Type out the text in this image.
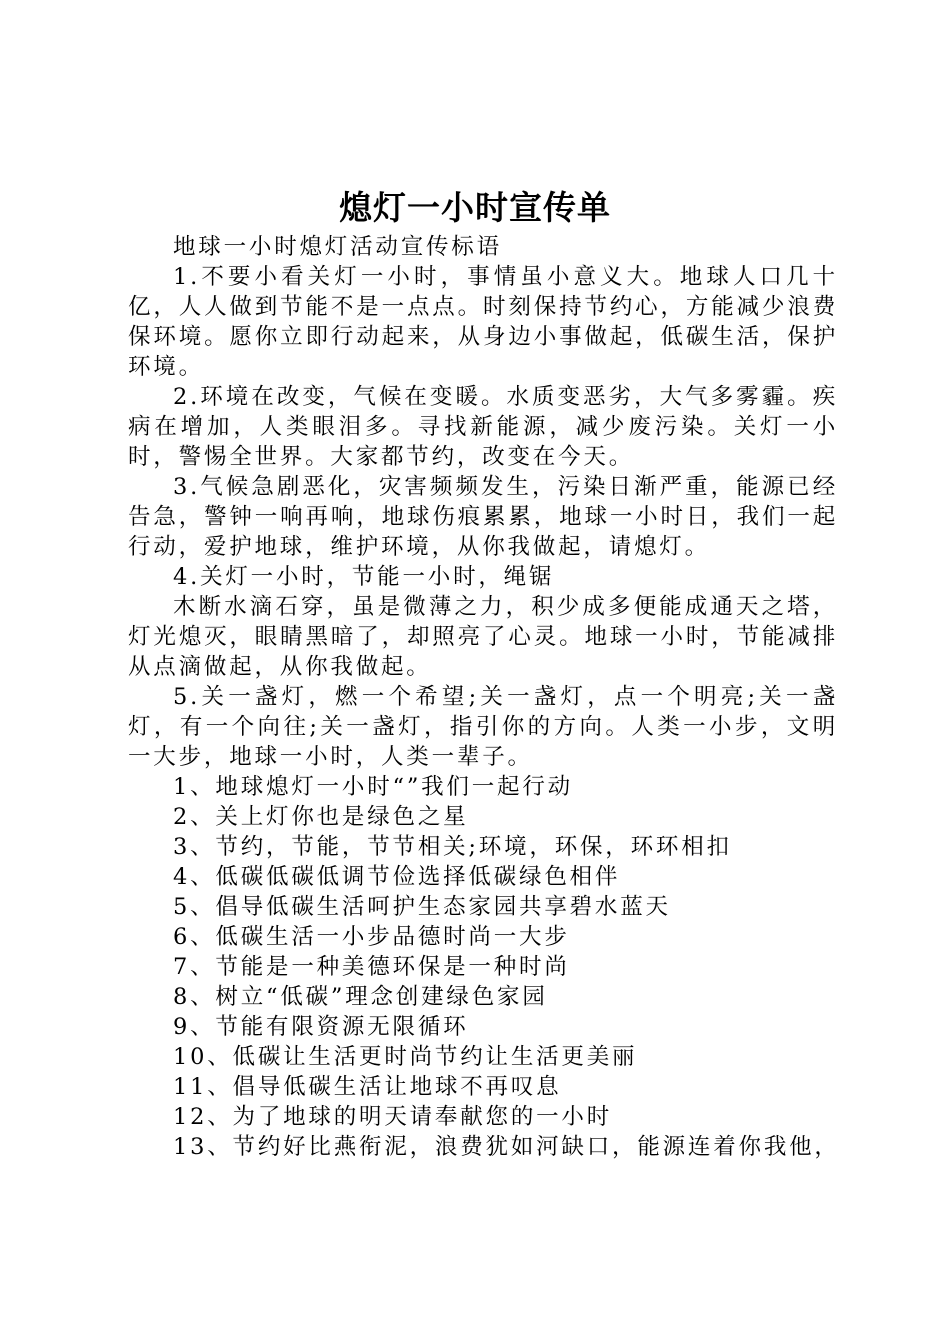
熄灯一小时宣传单

地球一小时熄灯活动宣传标语

1.不要小看关灯一小时，事情虽小意义大。地球人口几十亿，人人做到节能不是一点点。时刻保持节约心，方能减少浪费保环境。愿你立即行动起来，从身边小事做起，低碳生活，保护环境。

2.环境在改变，气候在变暖。水质变恶劣，大气多雾霾。疾病在增加，人类眼泪多。寻找新能源，减少废污染。关灯一小时，警惕全世界。大家都节约，改变在今天。

3.气候急剧恶化，灾害频频发生，污染日渐严重，能源已经告急，警钟一响再响，地球伤痕累累，地球一小时日，我们一起行动，爱护地球，维护环境，从你我做起，请熄灯。

4.关灯一小时，节能一小时，绳锯

木断水滴石穿，虽是微薄之力，积少成多便能成通天之塔，灯光熄灭，眼睛黑暗了，却照亮了心灵。地球一小时，节能减排从点滴做起，从你我做起。

5.关一盏灯，燃一个希望;关一盏灯，点一个明亮;关一盏灯，有一个向往;关一盏灯，指引你的方向。人类一小步，文明一大步，地球一小时，人类一辈子。

1、地球熄灯一小时“”我们一起行动
2、关上灯你也是绿色之星
3、节约，节能，节节相关;环境，环保，环环相扣
4、低碳低碳低调节俭选择低碳绿色相伴
5、倡导低碳生活呵护生态家园共享碧水蓝天
6、低碳生活一小步品德时尚一大步
7、节能是一种美德环保是一种时尚
8、树立“低碳”理念创建绿色家园
9、节能有限资源无限循环
10、低碳让生活更时尚节约让生活更美丽
11、倡导低碳生活让地球不再叹息
12、为了地球的明天请奉献您的一小时
13、节约好比燕衔泥，浪费犹如河缺口，能源连着你我他，
